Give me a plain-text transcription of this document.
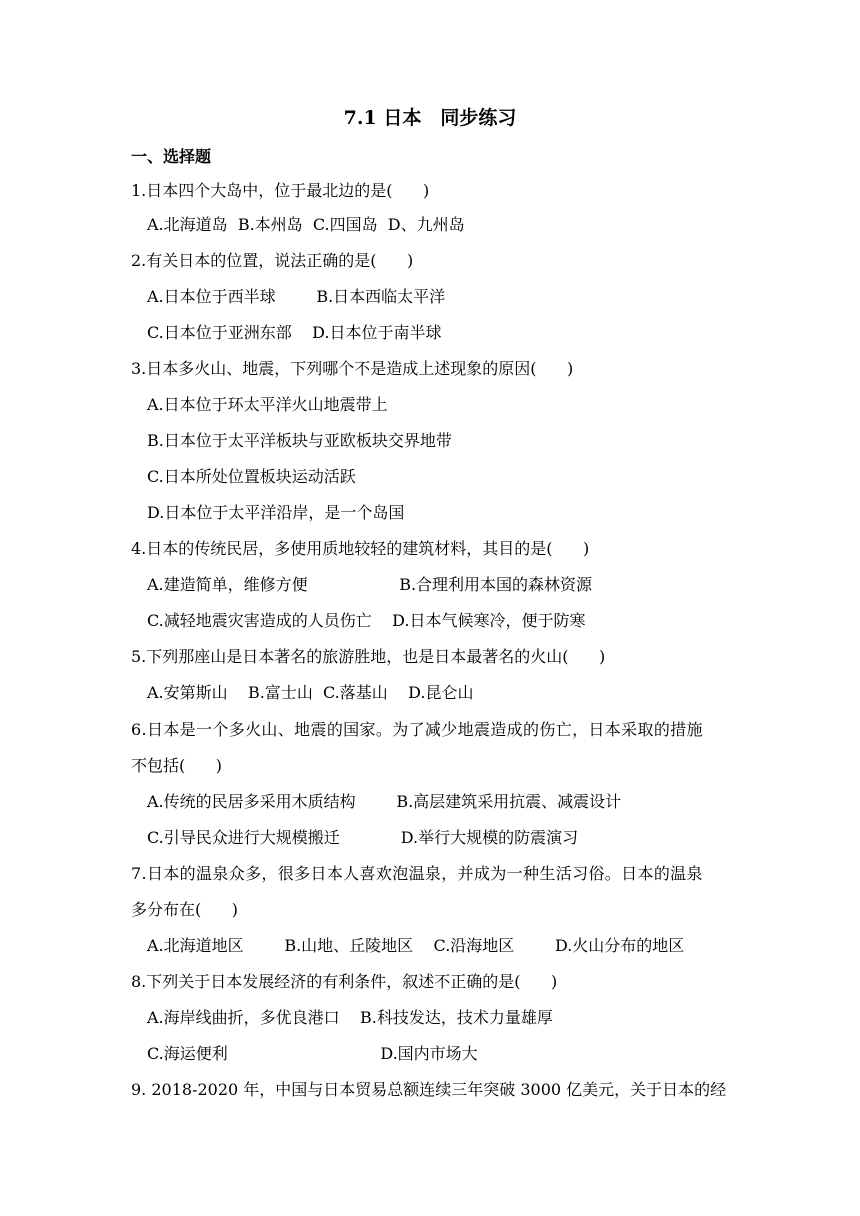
7.1 日本　同步练习
一、选择题
1.日本四个大岛中，位于最北边的是(      )
A.北海道岛  B.本州岛  C.四国岛  D、九州岛
2.有关日本的位置，说法正确的是(      )
A.日本位于西半球        B.日本西临太平洋
C.日本位于亚洲东部    D.日本位于南半球
3.日本多火山、地震，下列哪个不是造成上述现象的原因(      )
A.日本位于环太平洋火山地震带上
B.日本位于太平洋板块与亚欧板块交界地带
C.日本所处位置板块运动活跃
D.日本位于太平洋沿岸，是一个岛国
4.日本的传统民居，多使用质地较轻的建筑材料，其目的是(      )
A.建造简单，维修方便                  B.合理利用本国的森林资源
C.减轻地震灾害造成的人员伤亡    D.日本气候寒冷，便于防寒
5.下列那座山是日本著名的旅游胜地，也是日本最著名的火山(      )
A.安第斯山    B.富士山  C.落基山    D.昆仑山
6.日本是一个多火山、地震的国家。为了减少地震造成的伤亡，日本采取的措施
不包括(      )
A.传统的民居多采用木质结构        B.高层建筑采用抗震、减震设计
C.引导民众进行大规模搬迁            D.举行大规模的防震演习
7.日本的温泉众多，很多日本人喜欢泡温泉，并成为一种生活习俗。日本的温泉
多分布在(      )
A.北海道地区        B.山地、丘陵地区    C.沿海地区        D.火山分布的地区
8.下列关于日本发展经济的有利条件，叙述不正确的是(      )
A.海岸线曲折，多优良港口    B.科技发达，技术力量雄厚
C.海运便利                              D.国内市场大
9. 2018-2020 年，中国与日本贸易总额连续三年突破 3000 亿美元，关于日本的经
